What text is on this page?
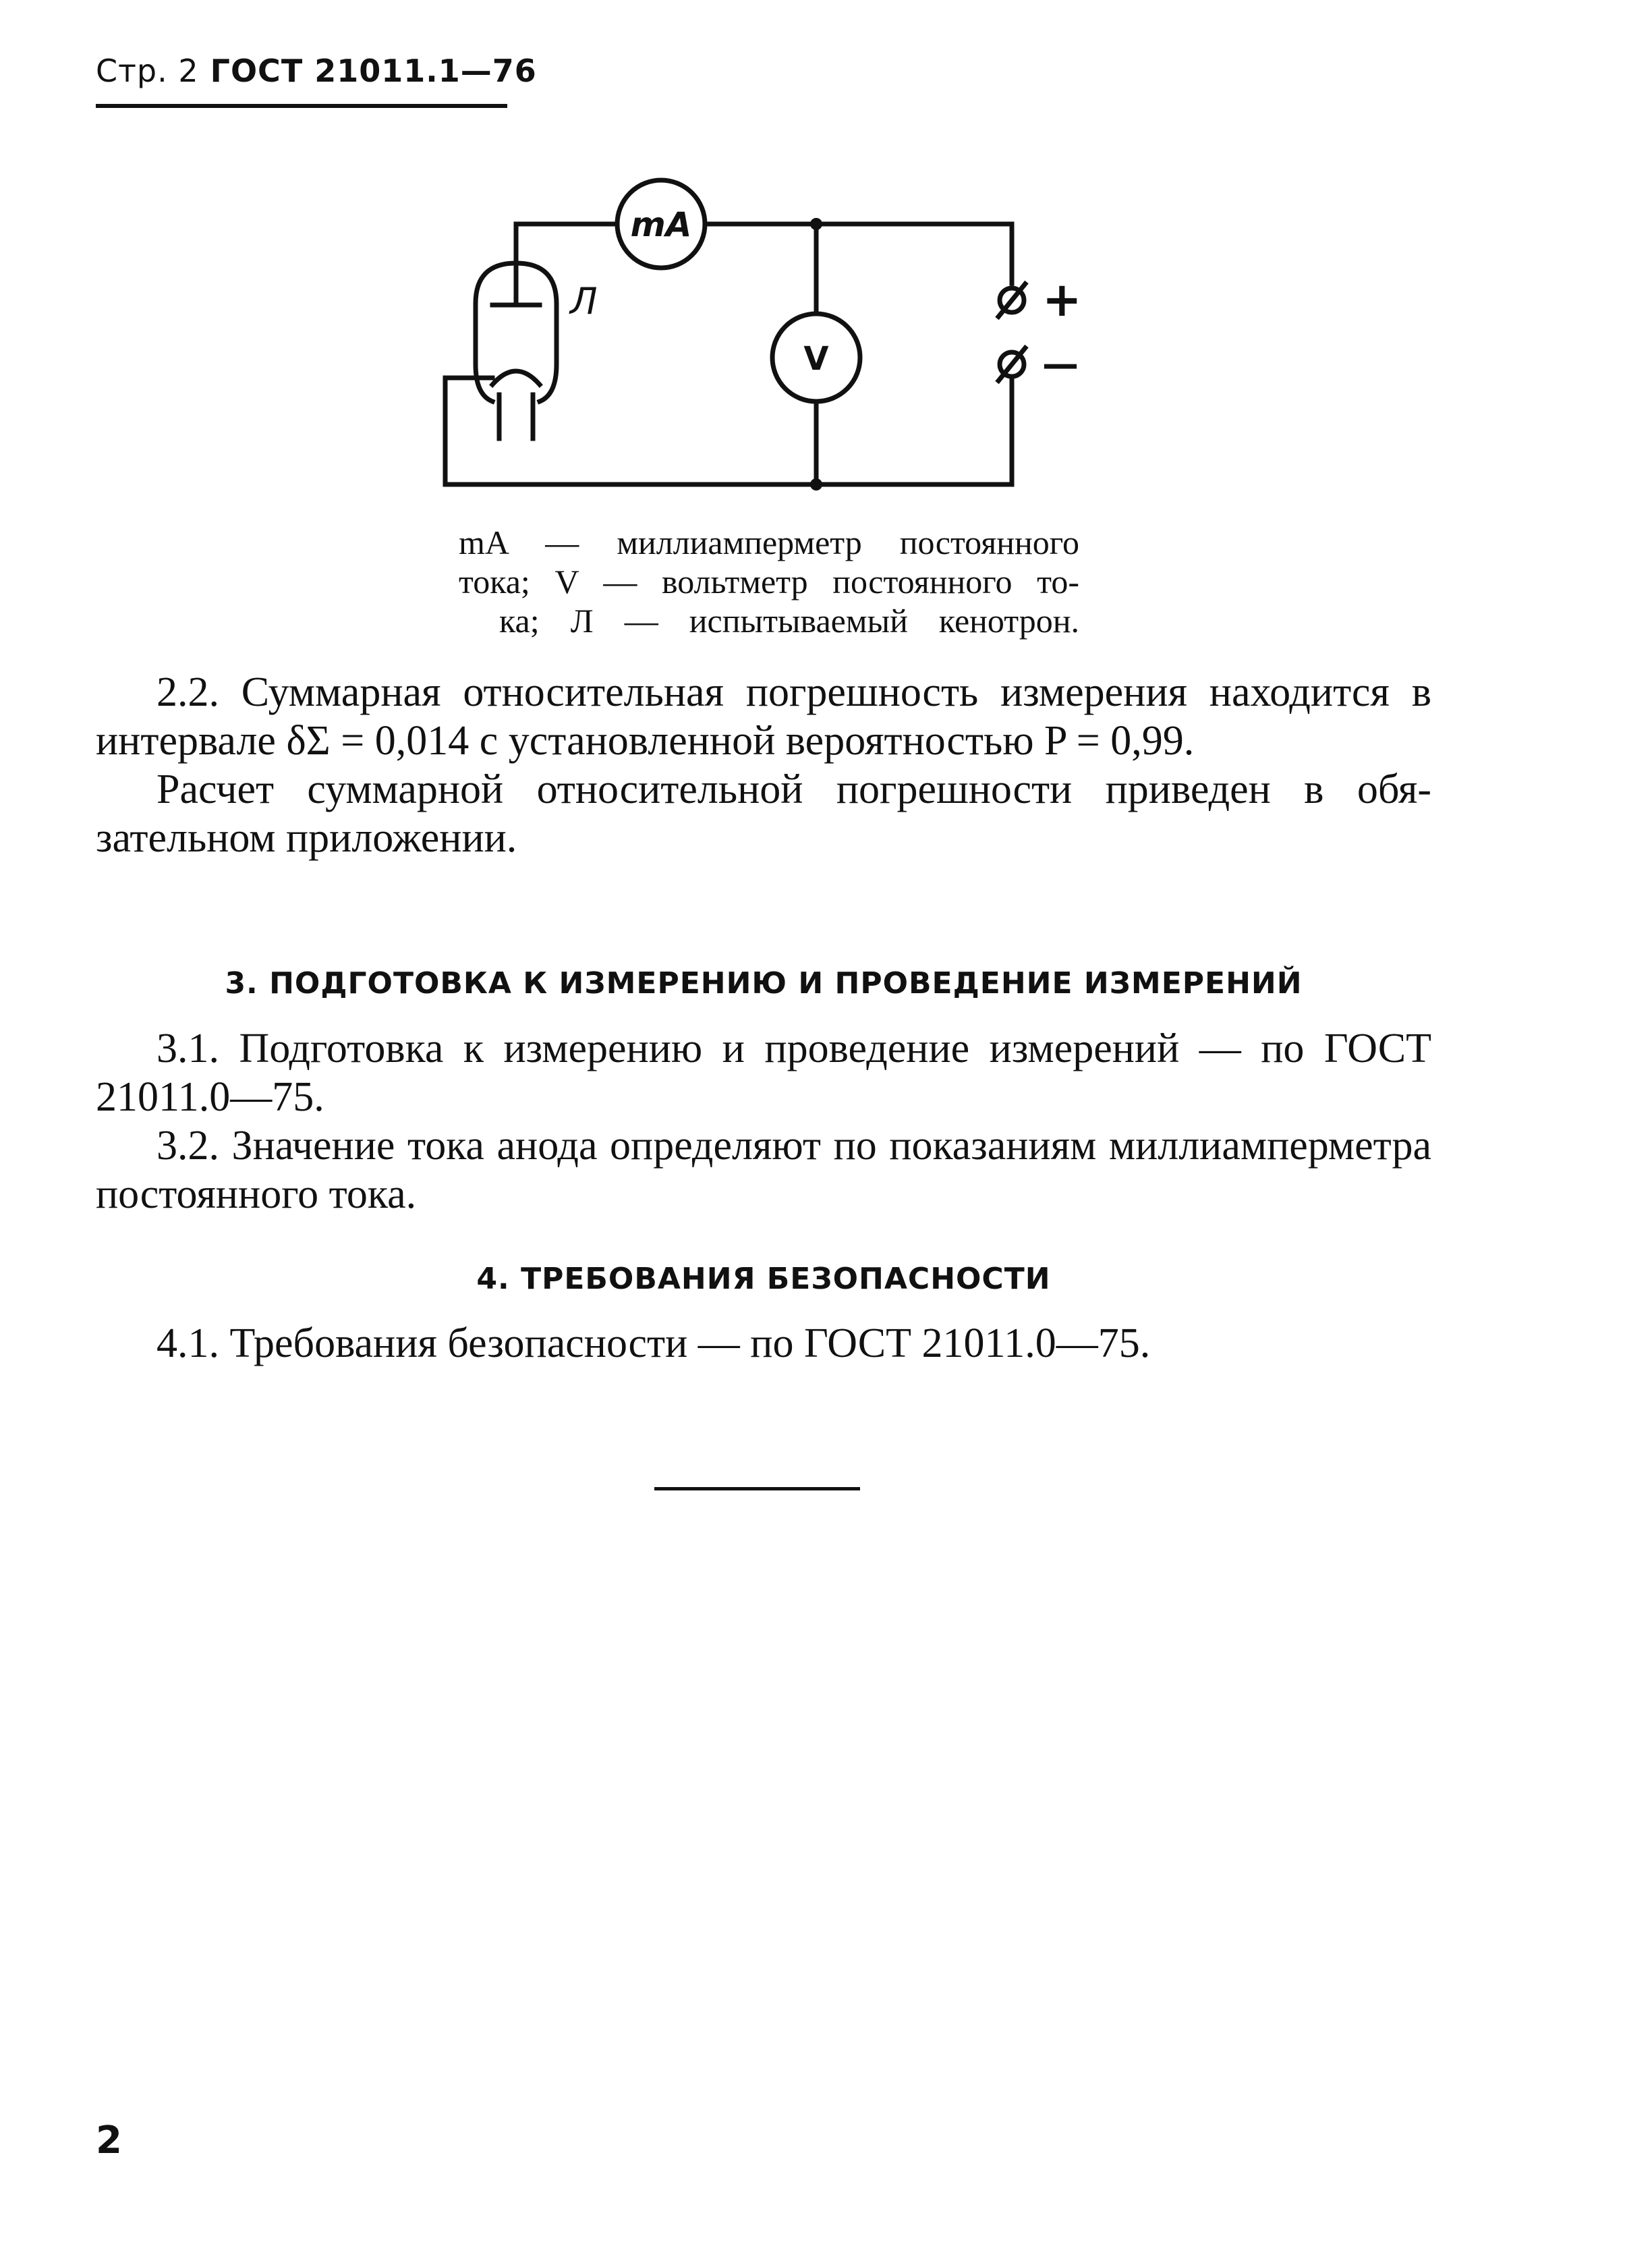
Стр. 2 ГОСТ 21011.1—76
mA
V
Л	+
—
mA — миллиамперметр постоянного
тока; V — вольтметр постоянного то-
ка; Л — испытываемый кенотрон.

2.2. Суммарная относительная погрешность измерения находится в интервале δΣ = 0,014 с установленной вероятностью P = 0,99.

Расчет суммарной относительной погрешности приведен в обязательном приложении.

3. ПОДГОТОВКА К ИЗМЕРЕНИЮ И ПРОВЕДЕНИЕ ИЗМЕРЕНИЙ

3.1. Подготовка к измерению и проведение измерений — по ГОСТ 21011.0—75.

3.2. Значение тока анода определяют по показаниям миллиамперметра постоянного тока.

4. ТРЕБОВАНИЯ БЕЗОПАСНОСТИ

4.1. Требования безопасности — по ГОСТ 21011.0—75.

2
